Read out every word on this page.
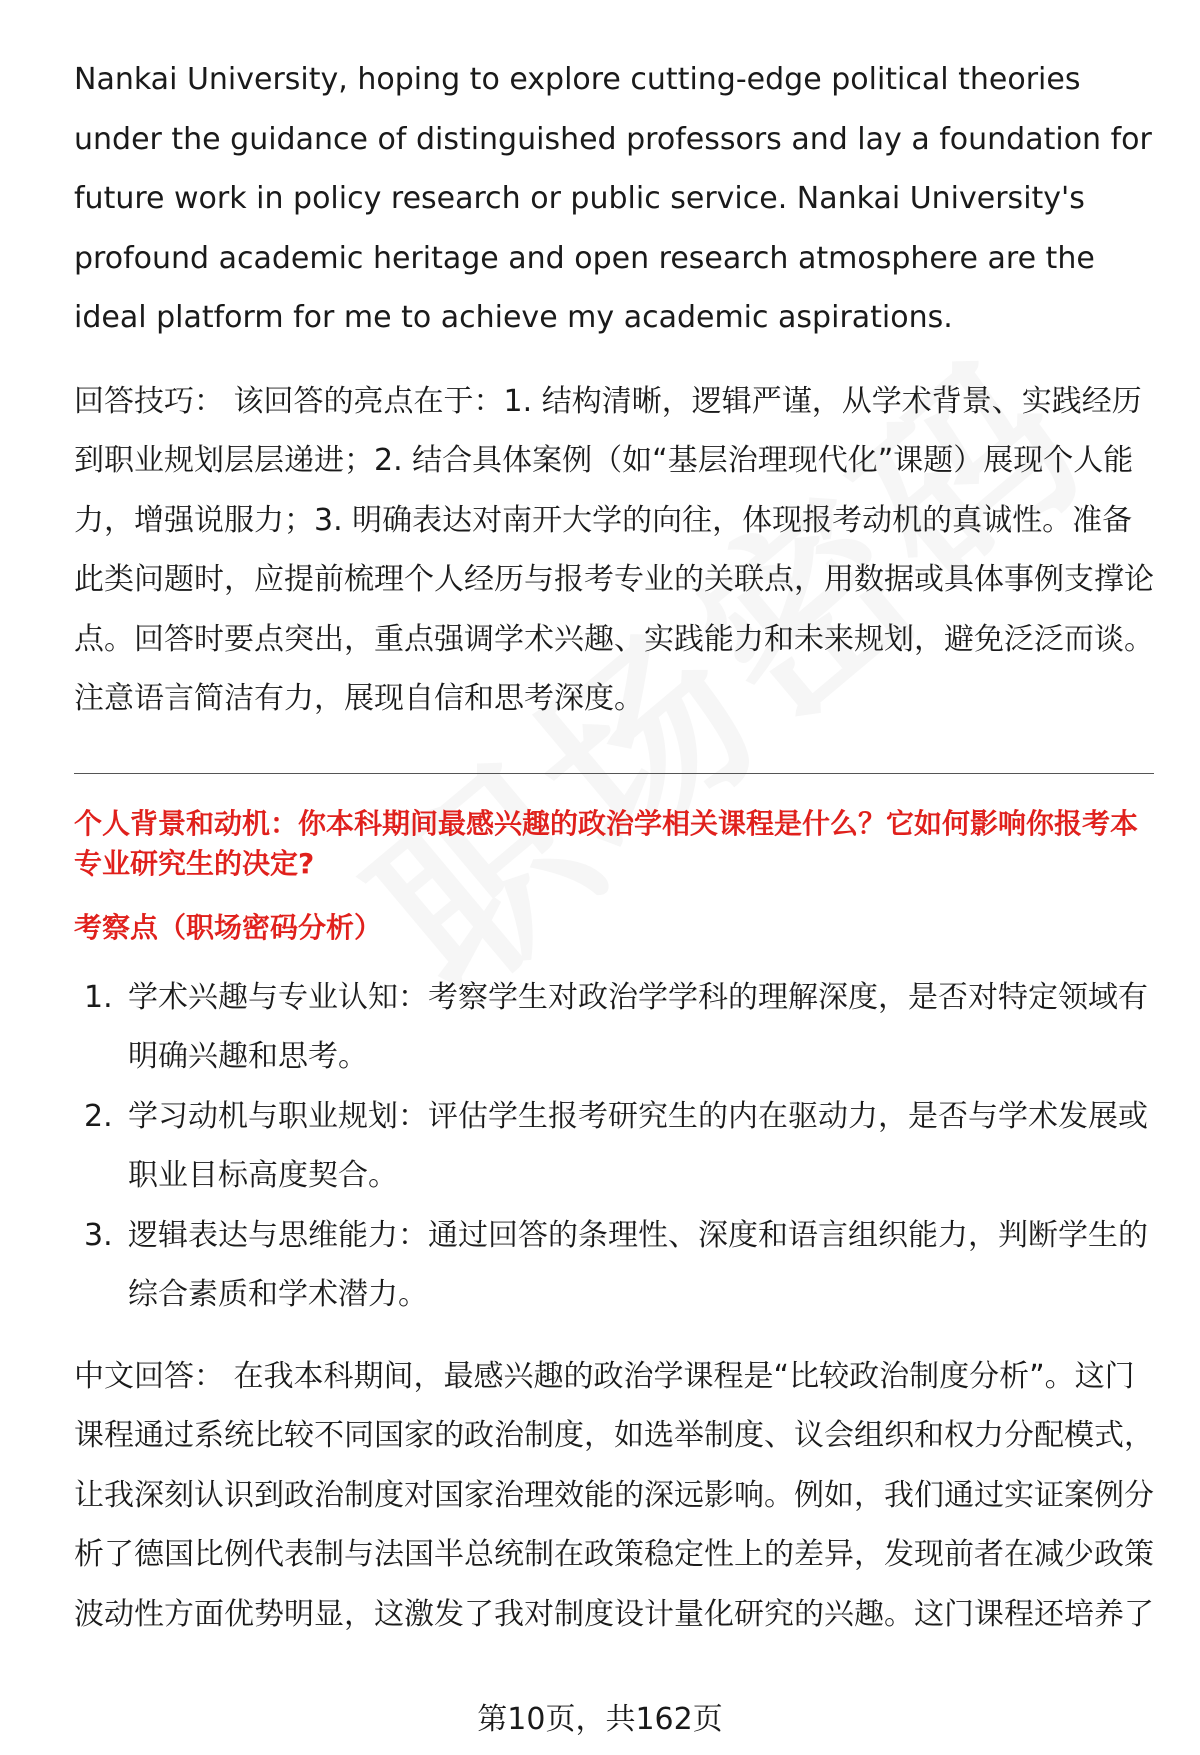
Nankai University, hoping to explore cutting-edge political theories under the guidance of distinguished professors and lay a foundation for future work in policy research or public service. Nankai University's profound academic heritage and open research atmosphere are the ideal platform for me to achieve my academic aspirations.

回答技巧： 该回答的亮点在于：1. 结构清晰，逻辑严谨，从学术背景、实践经历到职业规划层层递进；2. 结合具体案例（如“基层治理现代化”课题）展现个人能力，增强说服力；3. 明确表达对南开大学的向往，体现报考动机的真诚性。准备此类问题时，应提前梳理个人经历与报考专业的关联点，用数据或具体事例支撑论点。回答时要点突出，重点强调学术兴趣、实践能力和未来规划，避免泛泛而谈。注意语言简洁有力，展现自信和思考深度。

个人背景和动机：你本科期间最感兴趣的政治学相关课程是什么？它如何影响你报考本专业研究生的决定?

考察点（职场密码分析）

1. 学术兴趣与专业认知：考察学生对政治学学科的理解深度，是否对特定领域有明确兴趣和思考。
2. 学习动机与职业规划：评估学生报考研究生的内在驱动力，是否与学术发展或职业目标高度契合。
3. 逻辑表达与思维能力：通过回答的条理性、深度和语言组织能力，判断学生的综合素质和学术潜力。

中文回答： 在我本科期间，最感兴趣的政治学课程是“比较政治制度分析”。这门课程通过系统比较不同国家的政治制度，如选举制度、议会组织和权力分配模式，让我深刻认识到政治制度对国家治理效能的深远影响。例如，我们通过实证案例分析了德国比例代表制与法国半总统制在政策稳定性上的差异，发现前者在减少政策波动性方面优势明显，这激发了我对制度设计量化研究的兴趣。这门课程还培养了

第10页，共162页
